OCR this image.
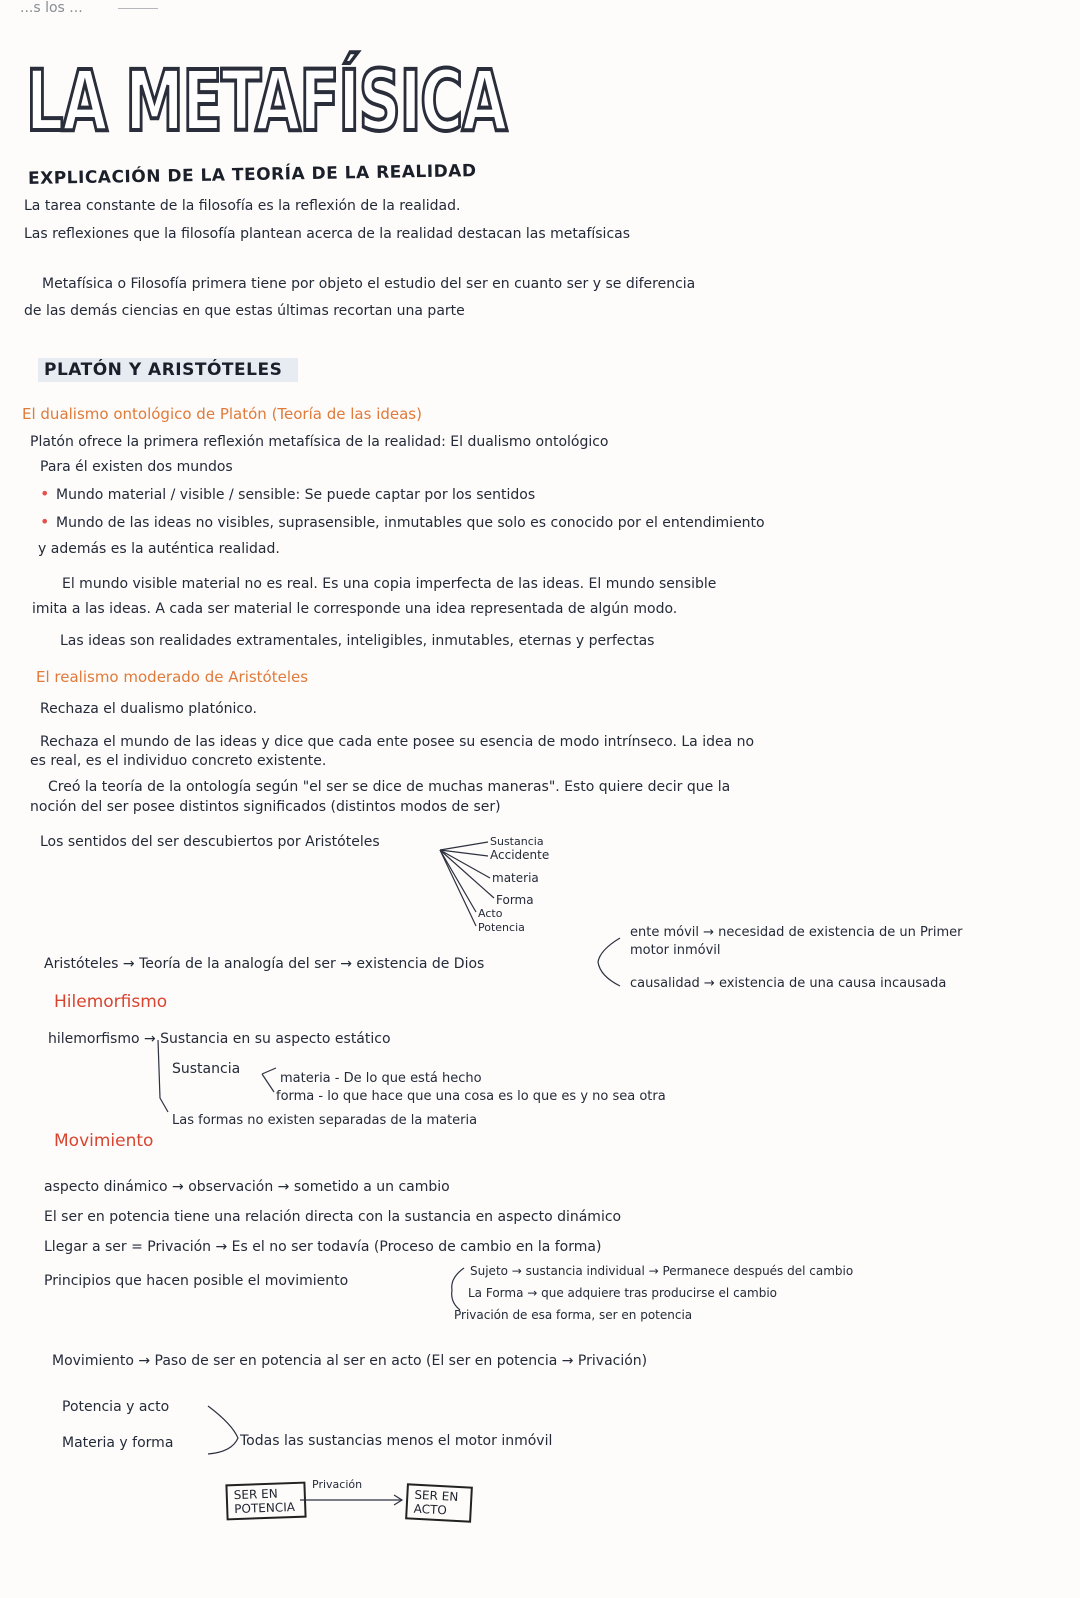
...s los ...
LA METAFÍSICA
EXPLICACIÓN DE LA TEORÍA DE LA REALIDAD
La tarea constante de la filosofía es la reflexión de la realidad.
Las reflexiones que la filosofía plantean acerca de la realidad destacan las metafísicas
Metafísica o Filosofía primera tiene por objeto el estudio del ser en cuanto ser y se diferencia
de las demás ciencias en que estas últimas recortan una parte
PLATÓN Y ARISTÓTELES
El dualismo ontológico de Platón (Teoría de las ideas)
Platón ofrece la primera reflexión metafísica de la realidad: El dualismo ontológico
Para él existen dos mundos
• Mundo material / visible / sensible: Se puede captar por los sentidos
• Mundo de las ideas no visibles, suprasensible, inmutables que solo es conocido por el entendimiento
y además es la auténtica realidad.
El mundo visible material no es real. Es una copia imperfecta de las ideas. El mundo sensible
imita a las ideas. A cada ser material le corresponde una idea representada de algún modo.
Las ideas son realidades extramentales, inteligibles, inmutables, eternas y perfectas
El realismo moderado de Aristóteles
Rechaza el dualismo platónico.
Rechaza el mundo de las ideas y dice que cada ente posee su esencia de modo intrínseco. La idea no
es real, es el individuo concreto existente.
Creó la teoría de la ontología según "el ser se dice de muchas maneras". Esto quiere decir que la
noción del ser posee distintos significados (distintos modos de ser)
Los sentidos del ser descubiertos por Aristóteles	Sustancia
Accidente
materia
Forma
Acto
Potencia
Aristóteles → Teoría de la analogía del ser → existencia de Dios
ente móvil → necesidad de existencia de un Primer motor inmóvil
causalidad → existencia de una causa incausada
Hilemorfismo
hilemorfismo → Sustancia en su aspecto estático
Sustancia
materia - De lo que está hecho
forma - lo que hace que una cosa es lo que es y no sea otra
Las formas no existen separadas de la materia
Movimiento
aspecto dinámico → observación → sometido a un cambio
El ser en potencia tiene una relación directa con la sustancia en aspecto dinámico
Llegar a ser = Privación → Es el no ser todavía (Proceso de cambio en la forma)
Principios que hacen posible el movimiento
Sujeto → sustancia individual → Permanece después del cambio
La Forma → que adquiere tras producirse el cambio
Privación de esa forma, ser en potencia
Movimiento → Paso de ser en potencia al ser en acto (El ser en potencia → Privación)
Potencia y acto
Materia y forma	Todas las sustancias menos el motor inmóvil
SER EN POTENCIA
Privación
SER EN ACTO
